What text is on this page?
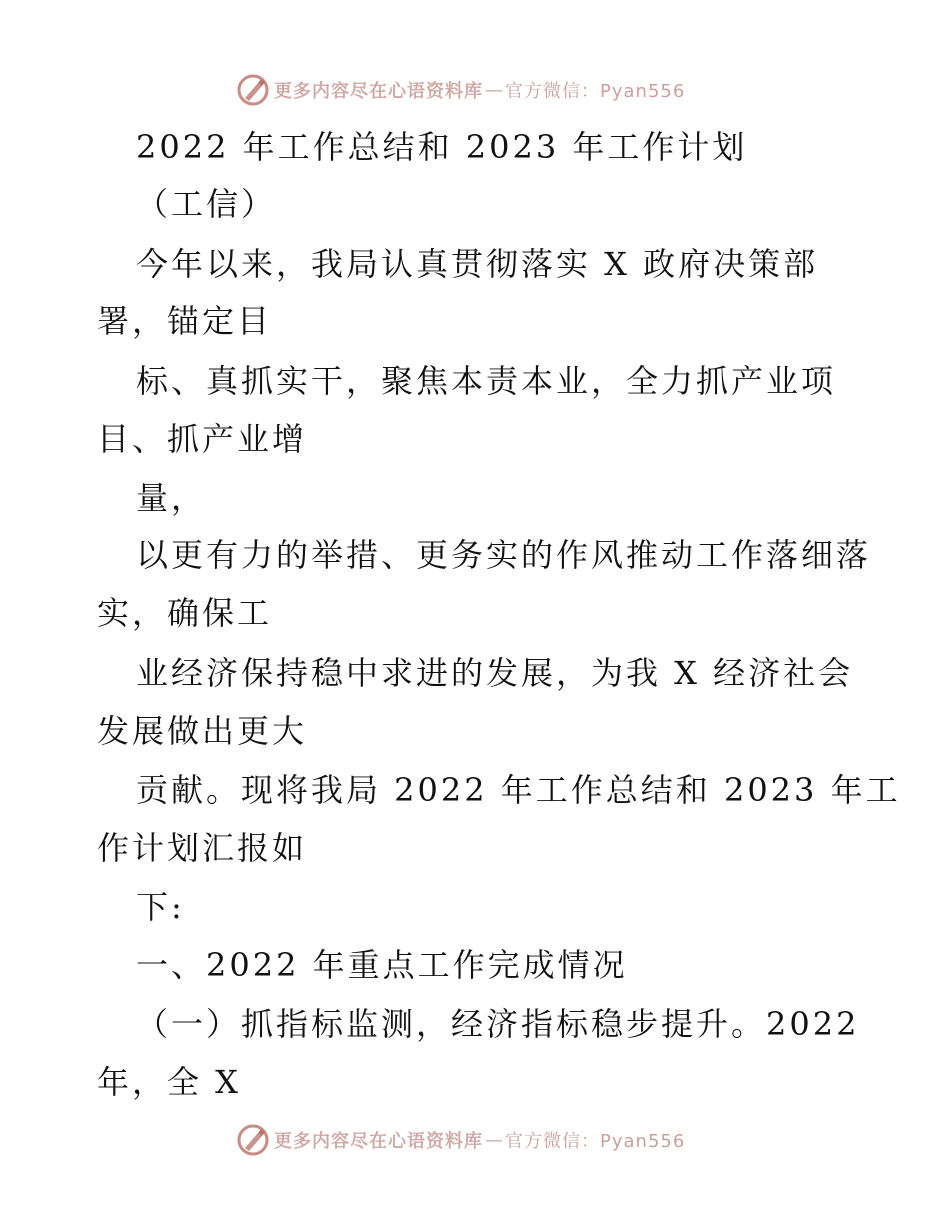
更多内容尽在心语资料库 — 官方微信：Pyan556
2022 年工作总结和 2023 年工作计划
（工信）
今年以来，我局认真贯彻落实 X 政府决策部
署，锚定目
标、真抓实干，聚焦本责本业，全力抓产业项
目、抓产业增
量，
以更有力的举措、更务实的作风推动工作落细落
实，确保工
业经济保持稳中求进的发展，为我 X 经济社会
发展做出更大
贡献。现将我局 2022 年工作总结和 2023 年工
作计划汇报如
下:
一、2022 年重点工作完成情况
（一）抓指标监测，经济指标稳步提升。2022
年，全 X
更多内容尽在心语资料库 — 官方微信：Pyan556
